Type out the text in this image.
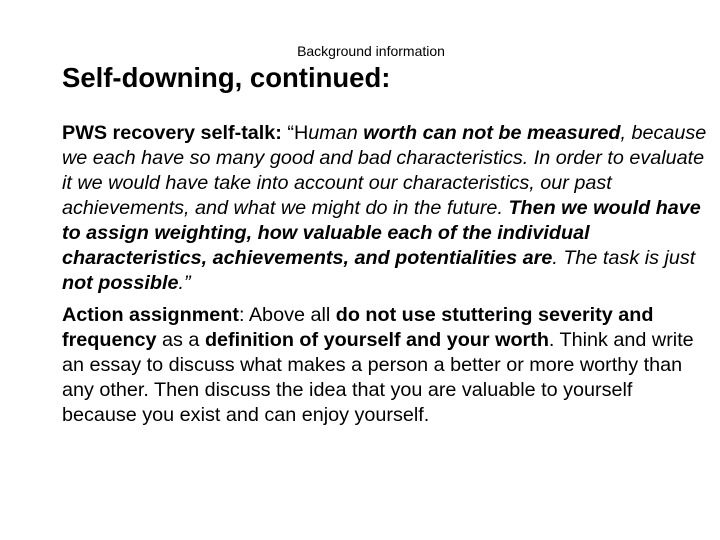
Background information
Self-downing, continued:

PWS recovery self-talk: “Human worth can not be measured, because we each have so many good and bad characteristics. In order to evaluate it we would have take into account our characteristics, our past achievements, and what we might do in the future. Then we would have to assign weighting, how valuable each of the individual characteristics, achievements, and potentialities are. The task is just not possible.”

Action assignment: Above all do not use stuttering severity and frequency as a definition of yourself and your worth. Think and write an essay to discuss what makes a person a better or more worthy than any other. Then discuss the idea that you are valuable to yourself because you exist and can enjoy yourself.
